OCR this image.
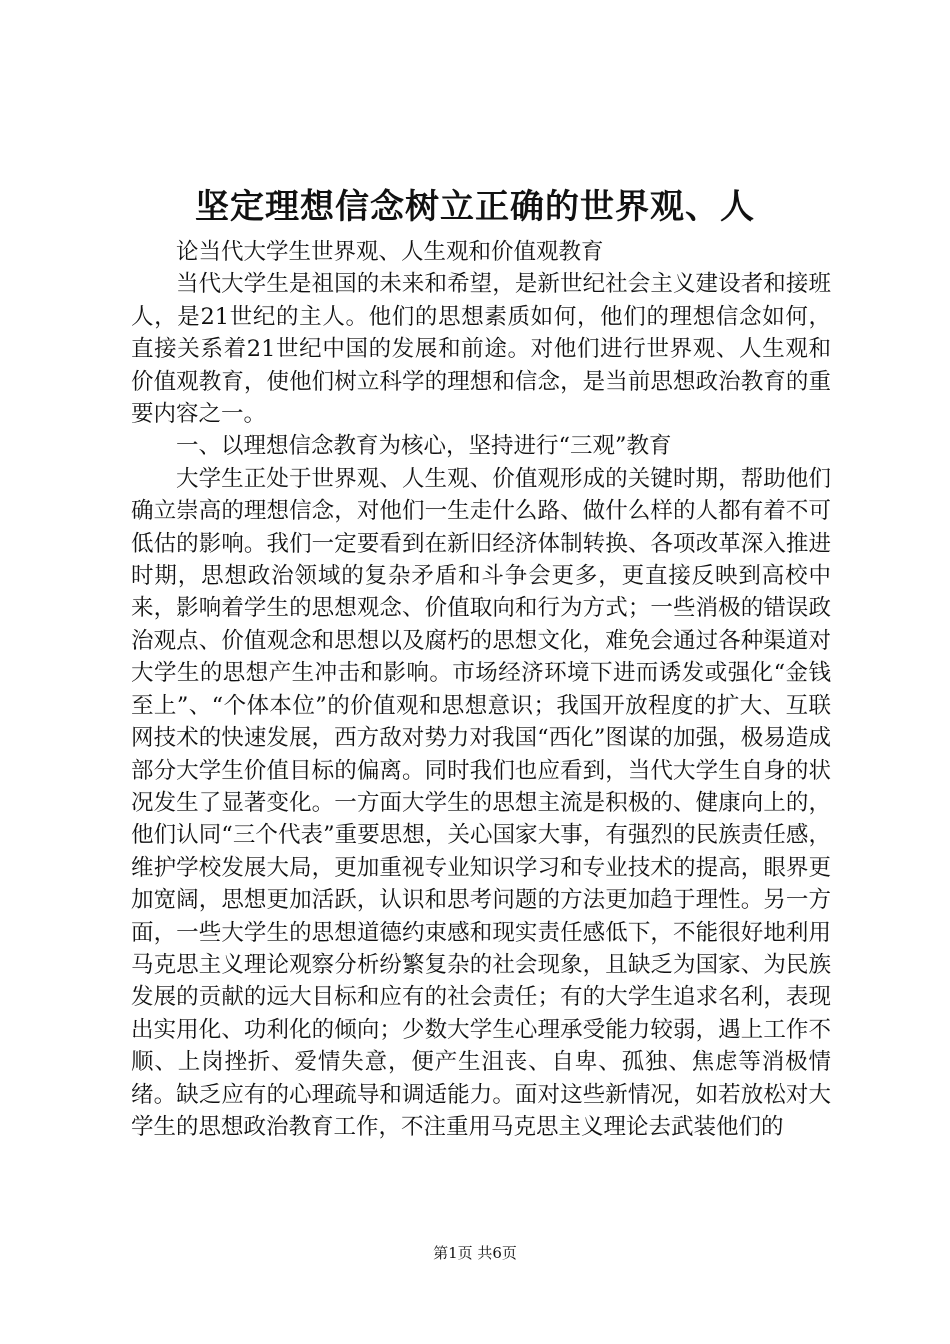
坚定理想信念树立正确的世界观、人

论当代大学生世界观、人生观和价值观教育

当代大学生是祖国的未来和希望，是新世纪社会主义建设者和接班人，是21世纪的主人。他们的思想素质如何，他们的理想信念如何，直接关系着21世纪中国的发展和前途。对他们进行世界观、人生观和价值观教育，使他们树立科学的理想和信念，是当前思想政治教育的重要内容之一。

一、以理想信念教育为核心，坚持进行“三观”教育

大学生正处于世界观、人生观、价值观形成的关键时期，帮助他们确立崇高的理想信念，对他们一生走什么路、做什么样的人都有着不可低估的影响。我们一定要看到在新旧经济体制转换、各项改革深入推进时期，思想政治领域的复杂矛盾和斗争会更多，更直接反映到高校中来，影响着学生的思想观念、价值取向和行为方式；一些消极的错误政治观点、价值观念和思想以及腐朽的思想文化，难免会通过各种渠道对大学生的思想产生冲击和影响。市场经济环境下进而诱发或强化“金钱至上”、“个体本位”的价值观和思想意识；我国开放程度的扩大、互联网技术的快速发展，西方敌对势力对我国“西化”图谋的加强，极易造成部分大学生价值目标的偏离。同时我们也应看到，当代大学生自身的状况发生了显著变化。一方面大学生的思想主流是积极的、健康向上的，他们认同“三个代表”重要思想，关心国家大事，有强烈的民族责任感，维护学校发展大局，更加重视专业知识学习和专业技术的提高，眼界更加宽阔，思想更加活跃，认识和思考问题的方法更加趋于理性。另一方面，一些大学生的思想道德约束感和现实责任感低下，不能很好地利用马克思主义理论观察分析纷繁复杂的社会现象，且缺乏为国家、为民族发展的贡献的远大目标和应有的社会责任；有的大学生追求名利，表现出实用化、功利化的倾向；少数大学生心理承受能力较弱，遇上工作不顺、上岗挫折、爱情失意，便产生沮丧、自卑、孤独、焦虑等消极情绪。缺乏应有的心理疏导和调适能力。面对这些新情况，如若放松对大学生的思想政治教育工作，不注重用马克思主义理论去武装他们的

第1页 共6页
